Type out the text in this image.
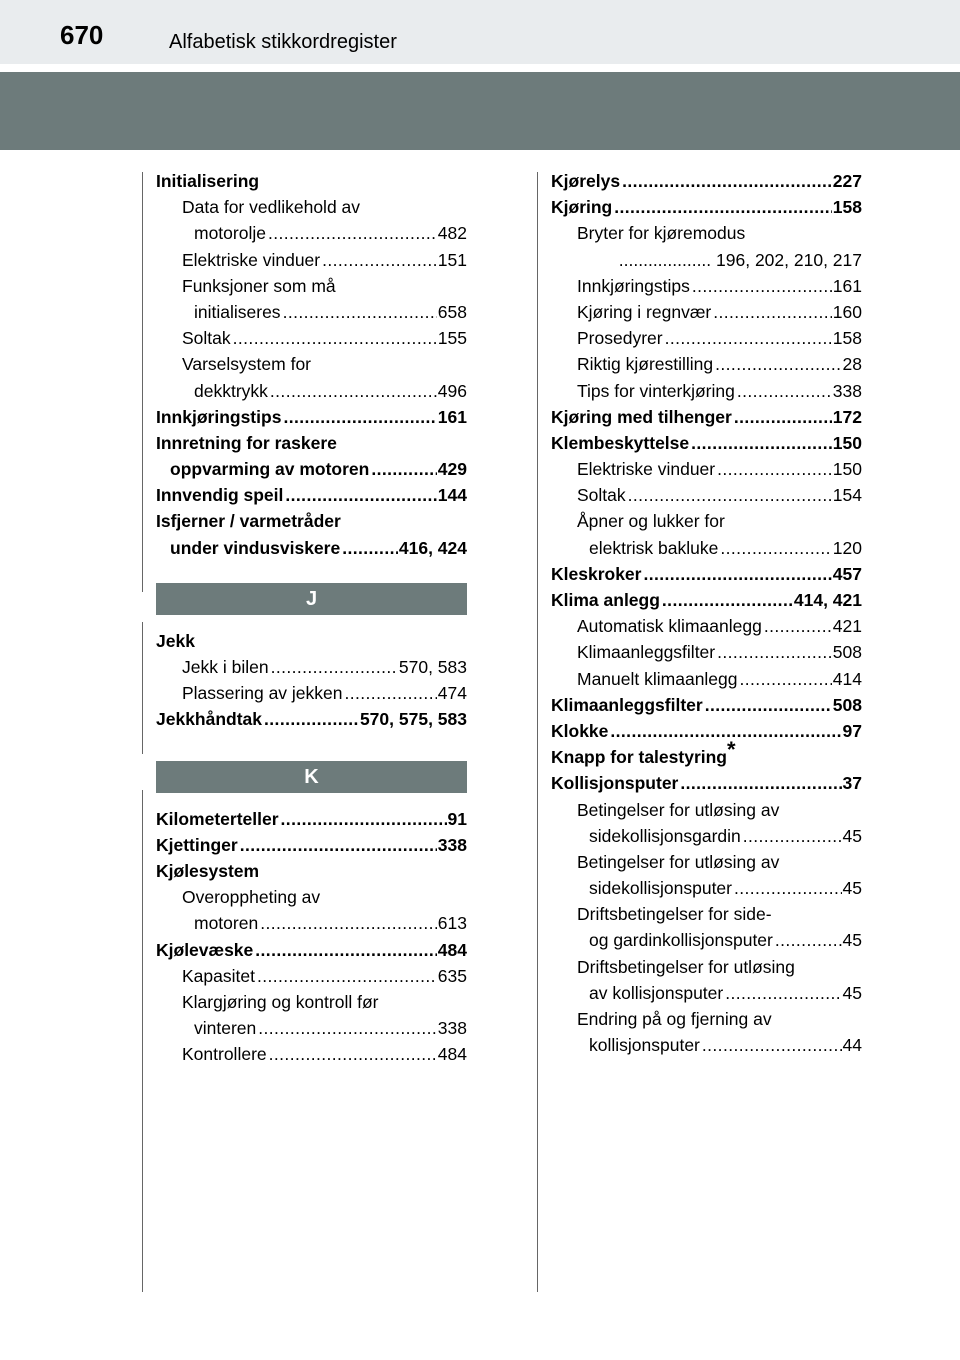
670	Alfabetisk stikkordregister
Initialisering
Data for vedlikehold av
motorolje .....	482
Elektriske vinduer .....	151
Funksjoner som må
initialiseres .....	658
Soltak .....	155
Varselsystem for
dekktrykk .....	496
Innkjøringstips .....	161
Innretning for raskere
oppvarming av motoren .....	429
Innvendig speil .....	144
Isfjerner / varmetråder
under vindusviskere .....	416, 424
J
Jekk
Jekk i bilen .....	570, 583
Plassering av jekken .....	474
Jekkhåndtak .....	570, 575, 583
K
Kilometerteller .....	91
Kjettinger .....	338
Kjølesystem
Overoppheting av
motoren .....	613
Kjølevæske .....	484
Kapasitet .....	635
Klargjøring og kontroll før
vinteren .....	338
Kontrollere .....	484
Kjørelys .....	227
Kjøring .....	158
Bryter for kjøremodus
................... 196, 202, 210, 217
Innkjøringstips .....	161
Kjøring i regnvær .....	160
Prosedyrer .....	158
Riktig kjørestilling .....	28
Tips for vinterkjøring .....	338
Kjøring med tilhenger .....	172
Klembeskyttelse .....	150
Elektriske vinduer .....	150
Soltak .....	154
Åpner og lukker for
elektrisk bakluke .....	120
Kleskroker .....	457
Klima anlegg .....	414, 421
Automatisk klimaanlegg .....	421
Klimaanleggsfilter .....	508
Manuelt klimaanlegg .....	414
Klimaanleggsfilter .....	508
Klokke .....	97
Knapp for talestyring*
Kollisjonsputer .....	37
Betingelser for utløsing av
sidekollisjonsgardin .....	45
Betingelser for utløsing av
sidekollisjonsputer .....	45
Driftsbetingelser for side-
og gardinkollisjonsputer .....	45
Driftsbetingelser for utløsing
av kollisjonsputer .....	45
Endring på og fjerning av
kollisjonsputer .....	44
